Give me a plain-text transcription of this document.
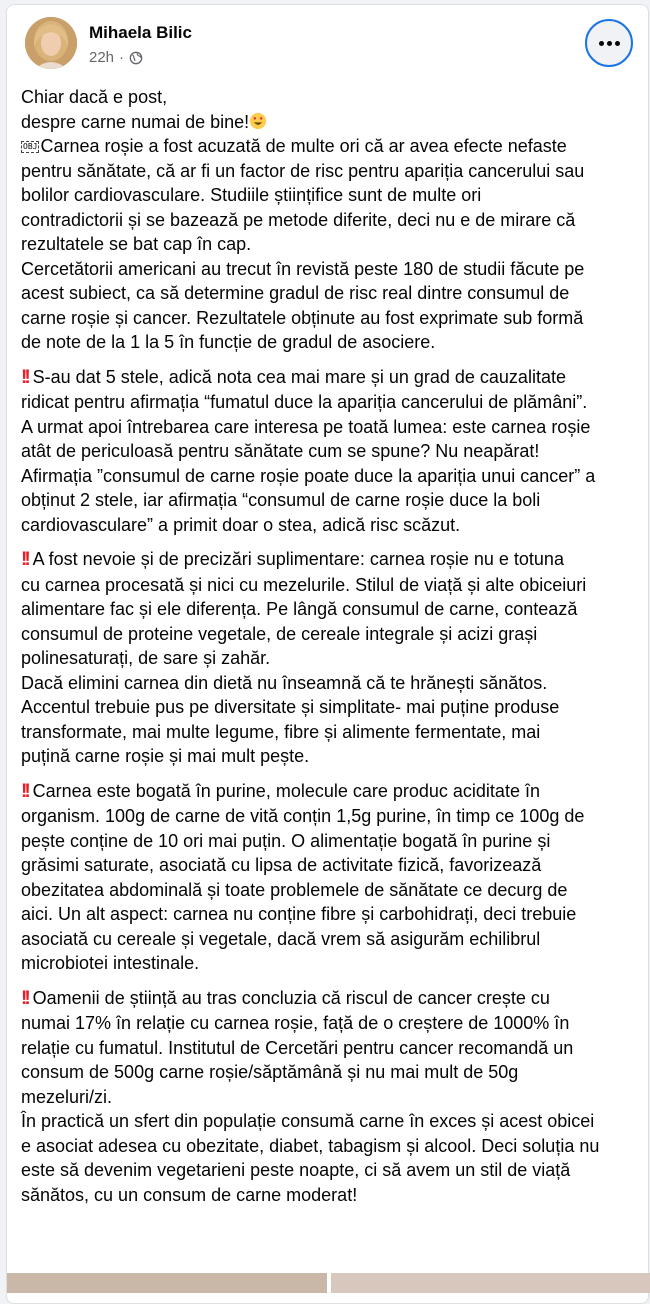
Mihaela Bilic
22h ·
Chiar dacă e post,
despre carne numai de bine!
OBJ Carnea roșie a fost acuzată de multe ori că ar avea efecte nefaste
pentru sănătate, că ar fi un factor de risc pentru apariția cancerului sau
bolilor cardiovasculare. Studiile științifice sunt de multe ori
contradictorii și se bazează pe metode diferite, deci nu e de mirare că
rezultatele se bat cap în cap.
Cercetătorii americani au trecut în revistă peste 180 de studii făcute pe
acest subiect, ca să determine gradul de risc real dintre consumul de
carne roșie și cancer. Rezultatele obținute au fost exprimate sub formă
de note de la 1 la 5 în funcție de gradul de asociere.
!! S-au dat 5 stele, adică nota cea mai mare și un grad de cauzalitate
ridicat pentru afirmația “fumatul duce la apariția cancerului de plămâni”.
A urmat apoi întrebarea care interesa pe toată lumea: este carnea roșie
atât de periculoasă pentru sănătate cum se spune? Nu neapărat!
Afirmația ”consumul de carne roșie poate duce la apariția unui cancer” a
obținut 2 stele, iar afirmația “consumul de carne roșie duce la boli
cardiovasculare” a primit doar o stea, adică risc scăzut.
!! A fost nevoie și de precizări suplimentare: carnea roșie nu e totuna
cu carnea procesată și nici cu mezelurile. Stilul de viață și alte obiceiuri
alimentare fac și ele diferența. Pe lângă consumul de carne, contează
consumul de proteine vegetale, de cereale integrale și acizi grași
polinesaturați, de sare și zahăr.
Dacă elimini carnea din dietă nu înseamnă că te hrănești sănătos.
Accentul trebuie pus pe diversitate și simplitate- mai puține produse
transformate, mai multe legume, fibre și alimente fermentate, mai
puțină carne roșie și mai mult pește.
!! Carnea este bogată în purine, molecule care produc aciditate în
organism. 100g de carne de vită conțin 1,5g purine, în timp ce 100g de
pește conține de 10 ori mai puțin. O alimentație bogată în purine și
grăsimi saturate, asociată cu lipsa de activitate fizică, favorizează
obezitatea abdominală și toate problemele de sănătate ce decurg de
aici. Un alt aspect: carnea nu conține fibre și carbohidrați, deci trebuie
asociată cu cereale și vegetale, dacă vrem să asigurăm echilibrul
microbiotei intestinale.
!! Oamenii de știință au tras concluzia că riscul de cancer crește cu
numai 17% în relație cu carnea roșie, față de o creștere de 1000% în
relație cu fumatul. Institutul de Cercetări pentru cancer recomandă un
consum de 500g carne roșie/săptămână și nu mai mult de 50g
mezeluri/zi.
În practică un sfert din populație consumă carne în exces și acest obicei
e asociat adesea cu obezitate, diabet, tabagism și alcool. Deci soluția nu
este să devenim vegetarieni peste noapte, ci să avem un stil de viață
sănătos, cu un consum de carne moderat!
